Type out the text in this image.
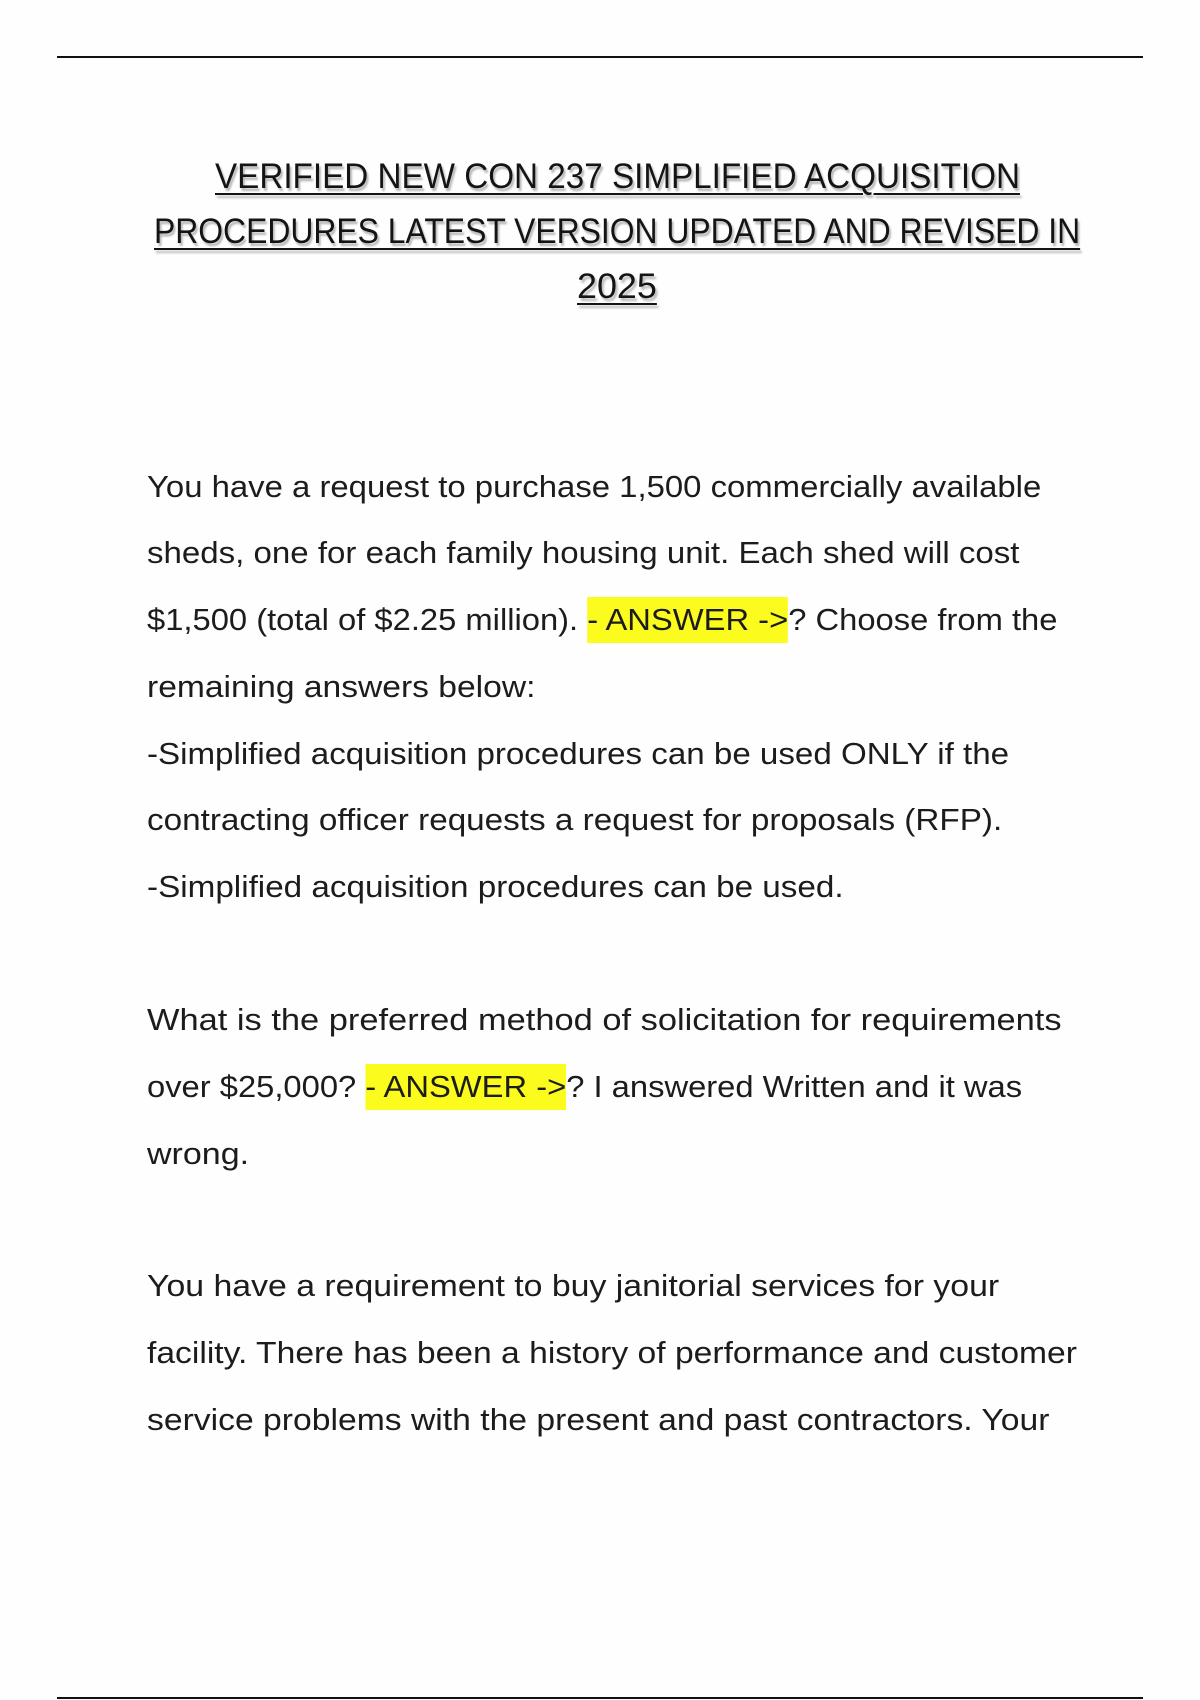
VERIFIED NEW CON 237 SIMPLIFIED ACQUISITION
PROCEDURES LATEST VERSION UPDATED AND REVISED IN
2025
You have a request to purchase 1,500 commercially available
sheds, one for each family housing unit. Each shed will cost
$1,500 (total of $2.25 million). - ANSWER ->? Choose from the
remaining answers below:
-Simplified acquisition procedures can be used ONLY if the
contracting officer requests a request for proposals (RFP).
-Simplified acquisition procedures can be used.
What is the preferred method of solicitation for requirements
over $25,000? - ANSWER ->? I answered Written and it was
wrong.
You have a requirement to buy janitorial services for your
facility. There has been a history of performance and customer
service problems with the present and past contractors. Your
